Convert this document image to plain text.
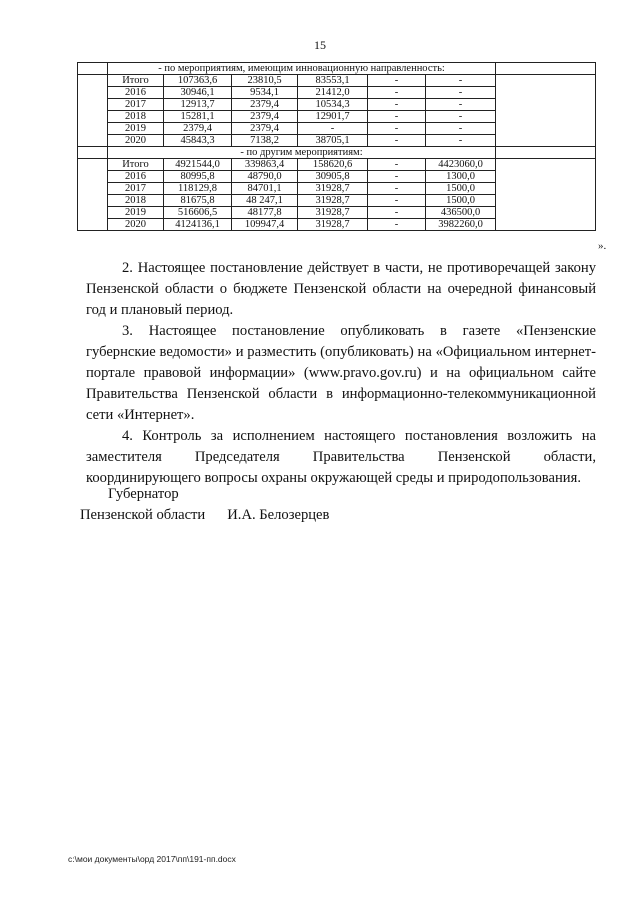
15
	- по мероприятиям, имеющим инновационную направленность:						
	Итого	107363,6	23810,5	83553,1	-	-	
	2016	30946,1	9534,1	21412,0	-	-	
	2017	12913,7	2379,4	10534,3	-	-	
	2018	15281,1	2379,4	12901,7	-	-	
	2019	2379,4	2379,4	-	-	-	
	2020	45843,3	7138,2	38705,1	-	-	
	- по другим мероприятиям:						
	Итого	4921544,0	339863,4	158620,6	-	4423060,0	
	2016	80995,8	48790,0	30905,8	-	1300,0	
	2017	118129,8	84701,1	31928,7	-	1500,0	
	2018	81675,8	48 247,1	31928,7	-	1500,0	
	2019	516606,5	48177,8	31928,7	-	436500,0	
	2020	4124136,1	109947,4	31928,7	-	3982260,0	
».

2. Настоящее постановление действует в части, не противоречащей закону Пензенской области о бюджете Пензенской области на очередной финансовый год и плановый период.

3. Настоящее постановление опубликовать в газете «Пензенские губернские ведомости» и разместить (опубликовать) на «Официальном интернет-портале правовой информации» (www.pravo.gov.ru) и на официальном сайте Правительства Пензенской области в информационно-телекоммуникационной сети «Интернет».

4. Контроль за исполнением настоящего постановления возложить на заместителя Председателя Правительства Пензенской области, координирующего вопросы охраны окружающей среды и природопользования.

Губернатор
Пензенской области И.А. Белозерцев
c:\мои документы\орд 2017\пп\191-пп.docx
